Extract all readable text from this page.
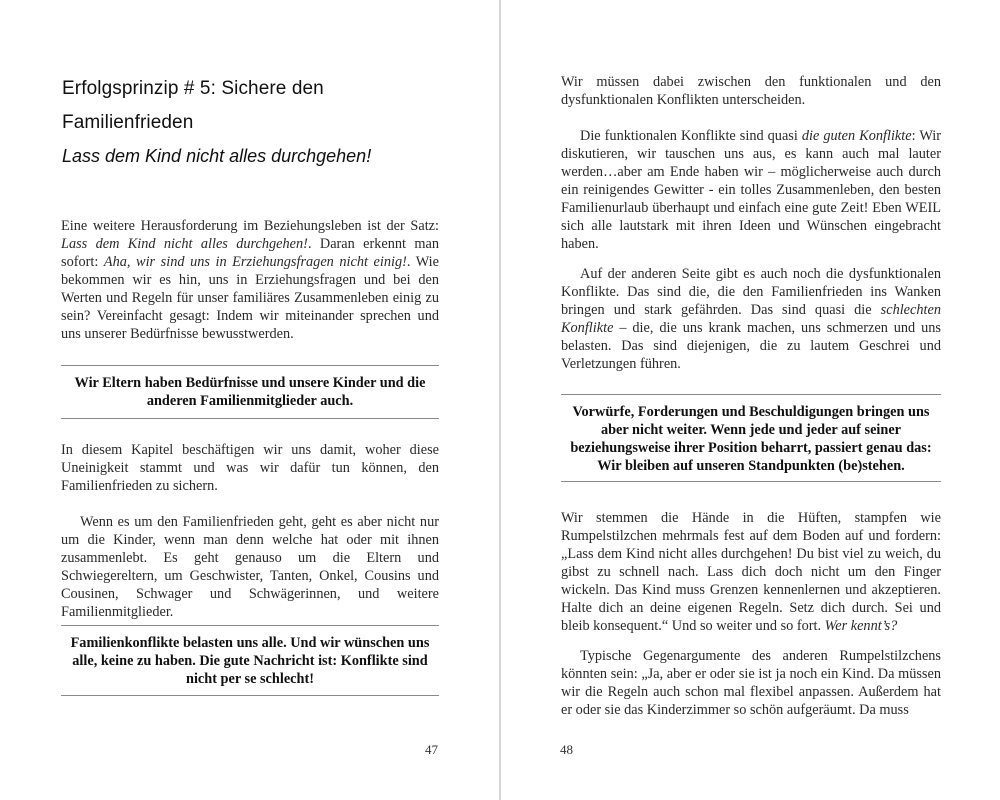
Erfolgsprinzip # 5: Sichere den
Familienfrieden
Lass dem Kind nicht alles durchgehen!

Eine weitere Herausforderung im Beziehungsleben ist der Satz: Lass dem Kind nicht alles durchgehen!. Daran erkennt man sofort: Aha, wir sind uns in Erziehungsfragen nicht einig!. Wie bekommen wir es hin, uns in Erziehungsfragen und bei den Werten und Regeln für unser familiäres Zusammenleben einig zu sein? Vereinfacht gesagt: Indem wir miteinander sprechen und uns unserer Bedürfnisse bewusstwerden.

Wir Eltern haben Bedürfnisse und unsere Kinder und die anderen Familienmitglieder auch.

In diesem Kapitel beschäftigen wir uns damit, woher diese Uneinigkeit stammt und was wir dafür tun können, den Familienfrieden zu sichern.

Wenn es um den Familienfrieden geht, geht es aber nicht nur um die Kinder, wenn man denn welche hat oder mit ihnen zusammenlebt. Es geht genauso um die Eltern und Schwiegereltern, um Geschwister, Tanten, Onkel, Cousins und Cousinen, Schwager und Schwägerinnen, und weitere Familienmitglieder.

Familienkonflikte belasten uns alle. Und wir wünschen uns alle, keine zu haben. Die gute Nachricht ist: Konflikte sind nicht per se schlecht!
47

Wir müssen dabei zwischen den funktionalen und den dysfunktionalen Konflikten unterscheiden.

Die funktionalen Konflikte sind quasi die guten Konflikte: Wir diskutieren, wir tauschen uns aus, es kann auch mal lauter werden…aber am Ende haben wir – möglicherweise auch durch ein reinigendes Gewitter - ein tolles Zusammenleben, den besten Familienurlaub überhaupt und einfach eine gute Zeit! Eben WEIL sich alle lautstark mit ihren Ideen und Wünschen eingebracht haben.

Auf der anderen Seite gibt es auch noch die dysfunktionalen Konflikte. Das sind die, die den Familienfrieden ins Wanken bringen und stark gefährden. Das sind quasi die schlechten Konflikte – die, die uns krank machen, uns schmerzen und uns belasten. Das sind diejenigen, die zu lautem Geschrei und Verletzungen führen.

Vorwürfe, Forderungen und Beschuldigungen bringen uns aber nicht weiter. Wenn jede und jeder auf seiner beziehungsweise ihrer Position beharrt, passiert genau das: Wir bleiben auf unseren Standpunkten (be)stehen.

Wir stemmen die Hände in die Hüften, stampfen wie Rumpelstilzchen mehrmals fest auf dem Boden auf und fordern: „Lass dem Kind nicht alles durchgehen! Du bist viel zu weich, du gibst zu schnell nach. Lass dich doch nicht um den Finger wickeln. Das Kind muss Grenzen kennenlernen und akzeptieren. Halte dich an deine eigenen Regeln. Setz dich durch. Sei und bleib konsequent.“ Und so weiter und so fort. Wer kennt’s?

Typische Gegenargumente des anderen Rumpelstilzchens könnten sein: „Ja, aber er oder sie ist ja noch ein Kind. Da müssen wir die Regeln auch schon mal flexibel anpassen. Außerdem hat er oder sie das Kinderzimmer so schön aufgeräumt. Da muss

48
